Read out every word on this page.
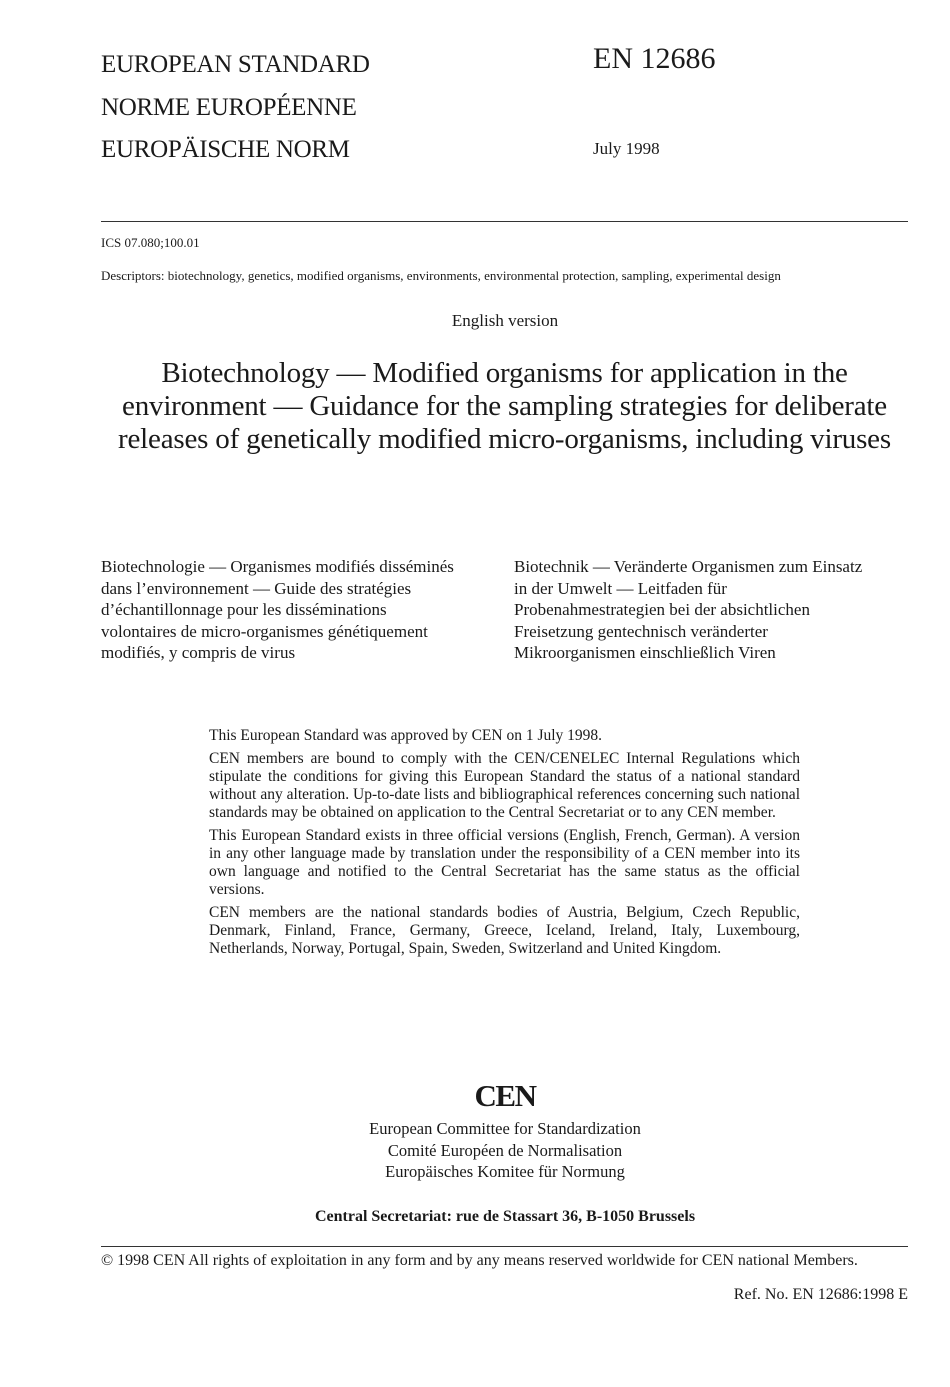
EUROPEAN STANDARD
NORME EUROPÉENNE
EUROPÄISCHE NORM
EN 12686
July 1998
ICS 07.080;100.01
Descriptors: biotechnology, genetics, modified organisms, environments, environmental protection, sampling, experimental design
English version
Biotechnology — Modified organisms for application in the environment — Guidance for the sampling strategies for deliberate releases of genetically modified micro-organisms, including viruses
Biotechnologie — Organismes modifiés disséminés
dans l’environnement — Guide des stratégies
d’échantillonnage pour les disséminations
volontaires de micro-organismes génétiquement
modifiés, y compris de virus
Biotechnik — Veränderte Organismen zum Einsatz
in der Umwelt — Leitfaden für
Probenahmestrategien bei der absichtlichen
Freisetzung gentechnisch veränderter
Mikroorganismen einschließlich Viren

This European Standard was approved by CEN on 1 July 1998.

CEN members are bound to comply with the CEN/CENELEC Internal Regulations which stipulate the conditions for giving this European Standard the status of a national standard without any alteration. Up-to-date lists and bibliographical references concerning such national standards may be obtained on application to the Central Secretariat or to any CEN member.

This European Standard exists in three official versions (English, French, German). A version in any other language made by translation under the responsibility of a CEN member into its own language and notified to the Central Secretariat has the same status as the official versions.

CEN members are the national standards bodies of Austria, Belgium, Czech Republic, Denmark, Finland, France, Germany, Greece, Iceland, Ireland, Italy, Luxembourg, Netherlands, Norway, Portugal, Spain, Sweden, Switzerland and United Kingdom.

CEN
European Committee for Standardization
Comité Européen de Normalisation
Europäisches Komitee für Normung
Central Secretariat: rue de Stassart 36, B-1050 Brussels
© 1998 CEN All rights of exploitation in any form and by any means reserved worldwide for CEN national Members.
Ref. No. EN 12686:1998 E
